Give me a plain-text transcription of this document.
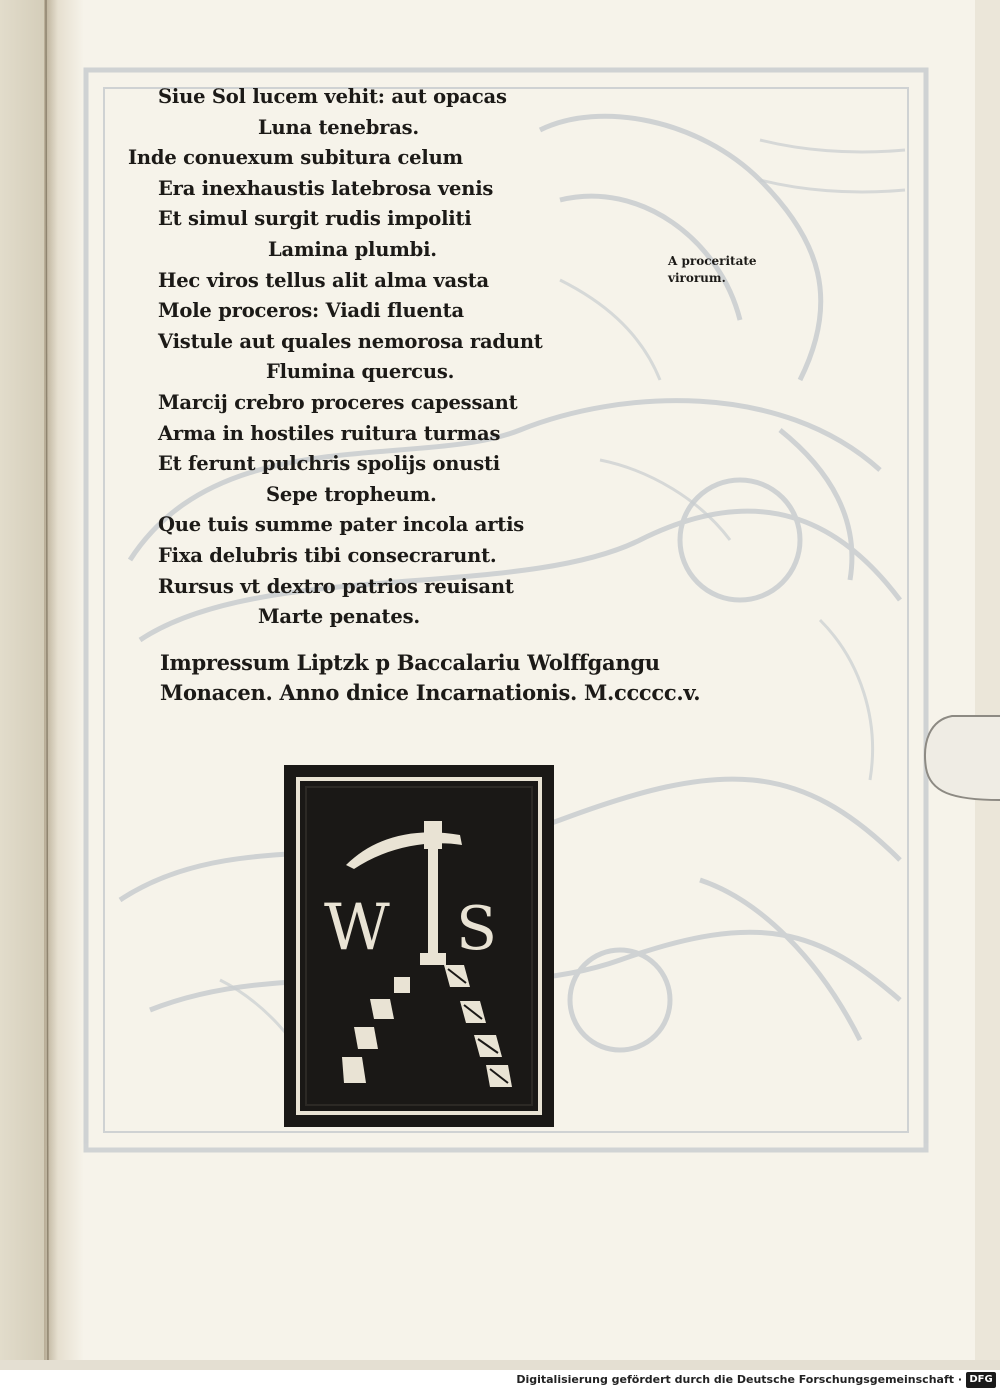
Siue Sol lucem vehit: aut opacas
Luna tenebras.
Inde conuexum subitura celum
Era inexhaustis latebrosa venis
Et simul surgit rudis impoliti
Lamina plumbi.
Hec viros tellus alit alma vasta
Mole proceros: Viadi fluenta
Vistule aut quales nemorosa radunt
Flumina quercus.
Marcij crebro proceres capessant
Arma in hostiles ruitura turmas
Et ferunt pulchris spolijs onusti
Sepe tropheum.
Que tuis summe pater incola artis
Fixa delubris tibi consecrarunt.
Rursus vt dextro patrios reuisant
Marte penates.
A proceritate
virorum.
Impressum Liptzk p Baccalariu Wolffgangu
Monacen. Anno dnice Incarnationis. M.ccccc.v.
W S
Digitalisierung gefördert durch die Deutsche Forschungsgemeinschaft · DFG
